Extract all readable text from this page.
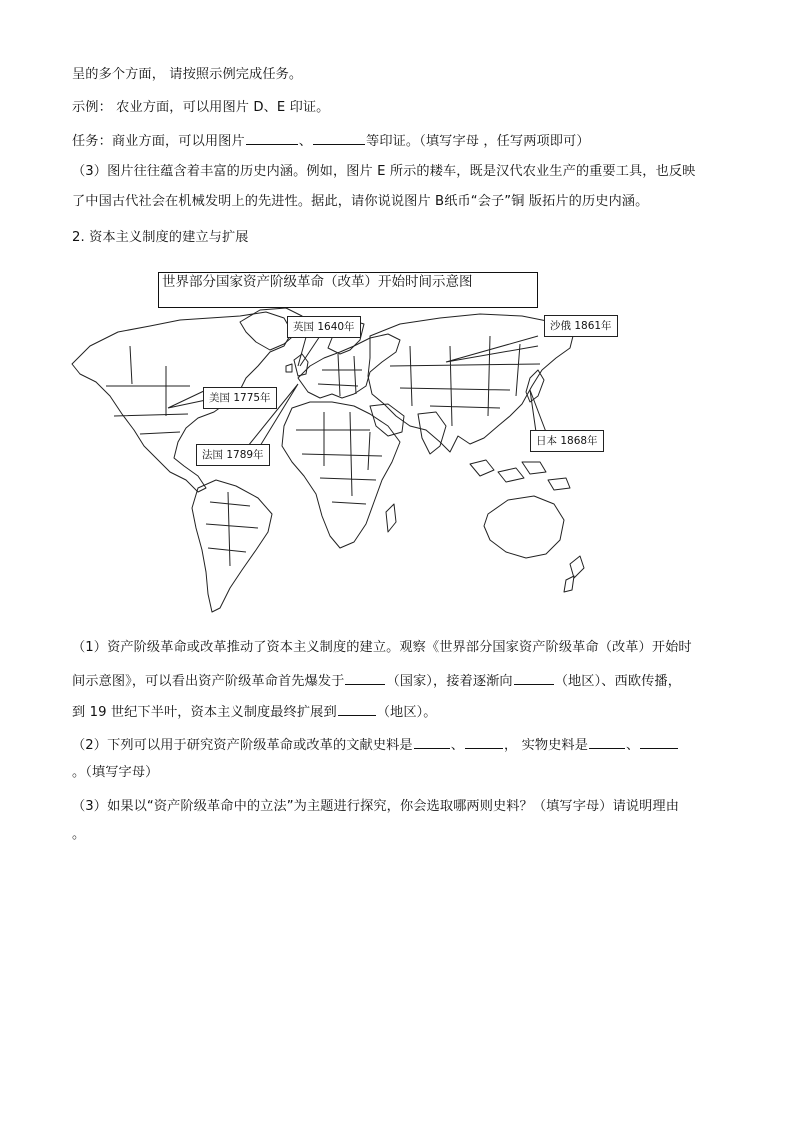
呈的多个方面， 请按照示例完成任务。
示例： 农业方面，可以用图片 D、E 印证。
任务：商业方面，可以用图片	、	等印证。（填写字母 ，任写两项即可）
（3）图片往往蕴含着丰富的历史内涵。例如，图片 E 所示的耧车，既是汉代农业生产的重要工具，也反映
了中国古代社会在机械发明上的先进性。据此，请你说说图片 B纸币“会子”铜 版拓片的历史内涵。
2. 资本主义制度的建立与扩展
世界部分国家资产阶级革命（改革）开始时间示意图
英国 1640年	沙俄 1861年
美国 1775年
法国 1789年
日本 1868年
（1）资产阶级革命或改革推动了资本主义制度的建立。观察《世界部分国家资产阶级革命（改革）开始时
间示意图》，可以看出资产阶级革命首先爆发于	（国家），接着逐渐向	（地区）、西欧传播，
到 19 世纪下半叶，资本主义制度最终扩展到	（地区）。
（2）下列可以用于研究资产阶级革命或改革的文献史料是	、	， 实物史料是	、
。（填写字母）
（3）如果以“资产阶级革命中的立法”为主题进行探究，你会选取哪两则史料？（填写字母）请说明理由
。
